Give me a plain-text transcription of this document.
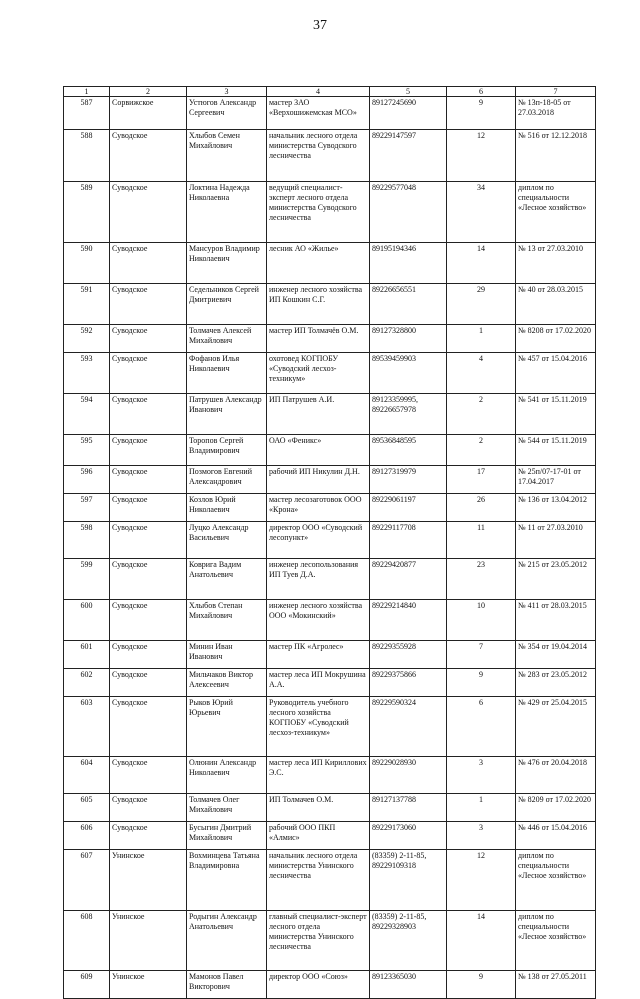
37
1	2	3	4	5	6	7
587	Сорвижское	Устюгов Александр Сергеевич	мастер ЗАО «Верхошижемская МСО»	89127245690	9	№ 13п-18-05 от 27.03.2018
588	Суводское	Хлыбов Семен Михайлович	начальник лесного отдела министерства Суводского лесничества	89229147597	12	№ 516 от 12.12.2018
589	Суводское	Локтина Надежда Николаевна	ведущий специалист-эксперт лесного отдела министерства Суводского лесничества	89229577048	34	диплом по специальности «Лесное хозяйство»
590	Суводское	Мансуров Владимир Николаевич	лесник АО «Жилье»	89195194346	14	№ 13 от 27.03.2010
591	Суводское	Седельников Сергей Дмитриевич	инженер лесного хозяйства ИП Кошкин С.Г.	89226656551	29	№ 40 от 28.03.2015
592	Суводское	Толмачев Алексей Михайлович	мастер ИП Толмачёв О.М.	89127328800	1	№ 8208 от 17.02.2020
593	Суводское	Фофанов Илья Николаевич	охотовед КОГПОБУ «Суводский лесхоз-техникум»	89539459903	4	№ 457 от 15.04.2016
594	Суводское	Патрушев Александр Иванович	ИП Патрушев А.И.	89123359995, 89226657978	2	№ 541 от 15.11.2019
595	Суводское	Торопов Сергей Владимирович	ОАО «Феникс»	89536848595	2	№ 544 от 15.11.2019
596	Суводское	Позмогов Евгений Александрович	рабочий ИП Никулин Д.Н.	89127319979	17	№ 25п/07-17-01 от 17.04.2017
597	Суводское	Козлов Юрий Николаевич	мастер лесозаготовок ООО «Крона»	89229061197	26	№ 136 от 13.04.2012
598	Суводское	Луцко Александр Васильевич	директор ООО «Суводский лесопункт»	89229117708	11	№ 11 от 27.03.2010
599	Суводское	Коврига Вадим Анатольевич	инженер лесопользования ИП Туев Д.А.	89229420877	23	№ 215 от 23.05.2012
600	Суводское	Хлыбов Степан Михайлович	инженер лесного хозяйства ООО «Мокинский»	89229214840	10	№ 411 от 28.03.2015
601	Суводское	Минин Иван Иванович	мастер ПК «Агролес»	89229355928	7	№ 354 от 19.04.2014
602	Суводское	Мильчаков Виктор Алексеевич	мастер леса ИП Мокрушина А.А.	89229375866	9	№ 283 от 23.05.2012
603	Суводское	Рыков Юрий Юрьевич	Руководитель учебного лесного хозяйства КОГПОБУ «Суводский лесхоз-техникум»	89229590324	6	№ 429 от 25.04.2015
604	Суводское	Олюнин Александр Николаевич	мастер леса ИП Кириллових Э.С.	89229028930	3	№ 476 от 20.04.2018
605	Суводское	Толмачев Олег Михайлович	ИП Толмачев О.М.	89127137788	1	№ 8209 от 17.02.2020
606	Суводское	Бусыгин Дмитрий Михайлович	рабочий ООО ПКП «Алмис»	89229173060	3	№ 446 от 15.04.2016
607	Унинское	Вохминцева Татьяна Владимировна	начальник лесного отдела министерства Унинского лесничества	(83359) 2-11-85, 89229109318	12	диплом по специальности «Лесное хозяйство»
608	Унинское	Родыгин Александр Анатольевич	главный специалист-эксперт лесного отдела министерства Унинского лесничества	(83359) 2-11-85, 89229328903	14	диплом по специальности «Лесное хозяйство»
609	Унинское	Мамонов Павел Викторович	директор ООО «Союз»	89123365030	9	№ 138 от 27.05.2011
